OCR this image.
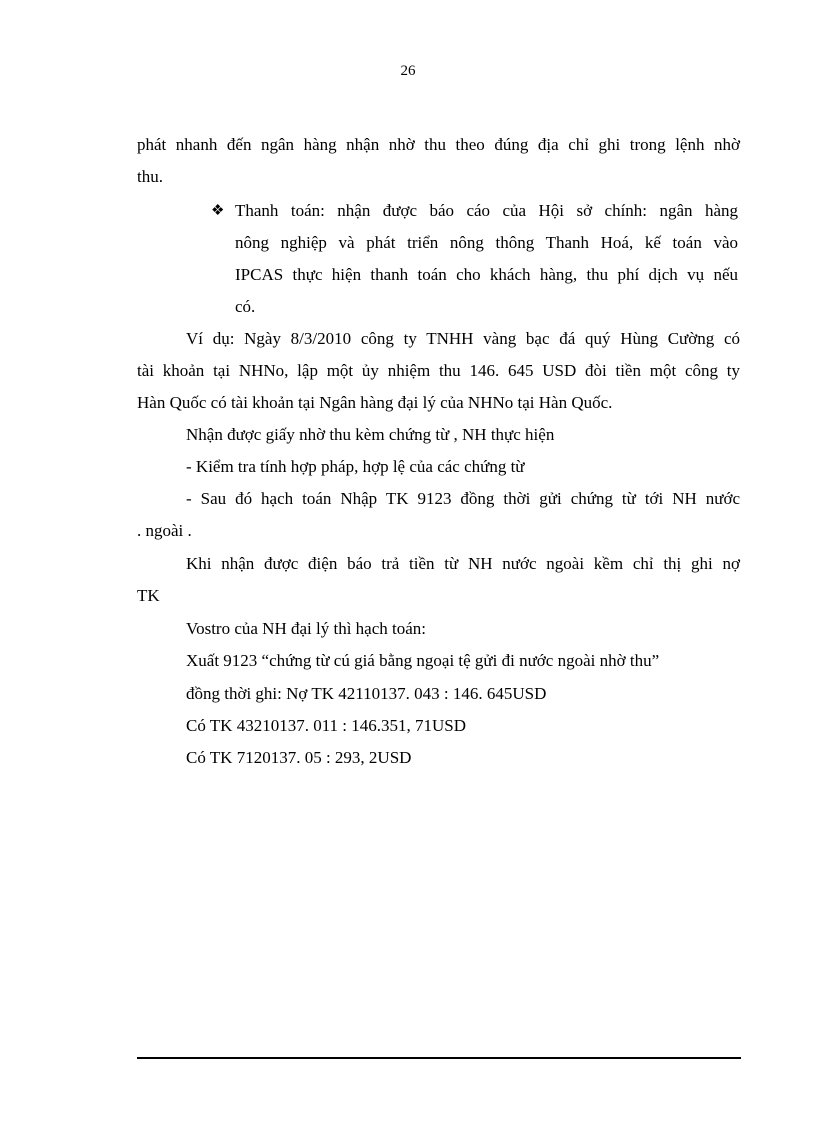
26
phát nhanh đến ngân hàng nhận nhờ thu theo đúng địa chỉ ghi trong lệnh nhờ
thu.
❖ Thanh toán: nhận được báo cáo của Hội sở chính: ngân hàng
nông nghiệp và phát triển nông thông Thanh Hoá, kế toán vào
IPCAS thực hiện thanh toán cho khách hàng, thu phí dịch vụ nếu
có.
Ví dụ: Ngày 8/3/2010 công ty TNHH vàng bạc đá quý Hùng Cường có
tài khoản tại NHNo, lập một ủy nhiệm thu 146. 645 USD đòi tiền một công ty
Hàn Quốc có tài khoản tại Ngân hàng đại lý của NHNo tại Hàn Quốc.
Nhận được giấy nhờ thu kèm chứng từ , NH thực hiện
- Kiểm tra tính hợp pháp, hợp lệ của các chứng từ
- Sau đó hạch toán Nhập TK 9123 đồng thời gửi chứng từ tới NH nước
. ngoài .
Khi nhận được điện báo trả tiền từ NH nước ngoài kềm chỉ thị ghi nợ
TK
Vostro của NH đại lý thì hạch toán:
Xuất 9123 “chứng từ cú giá bằng ngoại tệ gửi đi nước ngoài nhờ thu”
đồng thời ghi: Nợ TK 42110137. 043 : 146. 645USD
Có TK 43210137. 011 : 146.351, 71USD
Có TK 7120137. 05 : 293, 2USD
